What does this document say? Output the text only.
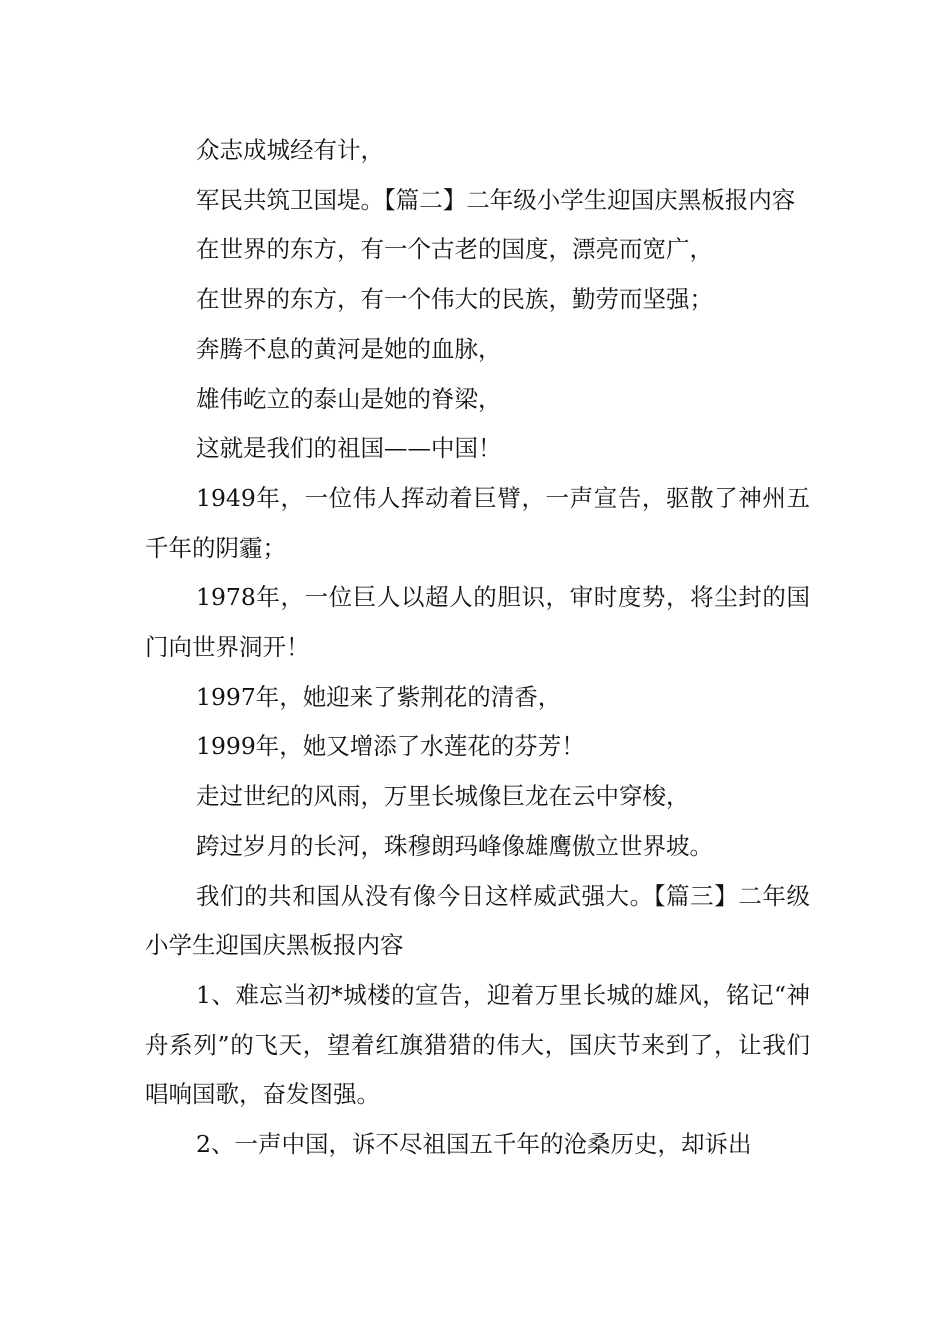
众志成城经有计，

军民共筑卫国堤。【篇二】二年级小学生迎国庆黑板报内容

在世界的东方，有一个古老的国度，漂亮而宽广，

在世界的东方，有一个伟大的民族，勤劳而坚强；

奔腾不息的黄河是她的血脉，

雄伟屹立的泰山是她的脊梁，

这就是我们的祖国——中国！

1949年，一位伟人挥动着巨臂，一声宣告，驱散了神州五千年的阴霾；

1978年，一位巨人以超人的胆识，审时度势，将尘封的国门向世界洞开！

1997年，她迎来了紫荆花的清香，

1999年，她又增添了水莲花的芬芳！

走过世纪的风雨，万里长城像巨龙在云中穿梭，

跨过岁月的长河，珠穆朗玛峰像雄鹰傲立世界坡。

我们的共和国从没有像今日这样威武强大。【篇三】二年级小学生迎国庆黑板报内容

1、难忘当初*城楼的宣告，迎着万里长城的雄风，铭记“神舟系列”的飞天，望着红旗猎猎的伟大，国庆节来到了，让我们唱响国歌，奋发图强。

2、一声中国，诉不尽祖国五千年的沧桑历史，却诉出
